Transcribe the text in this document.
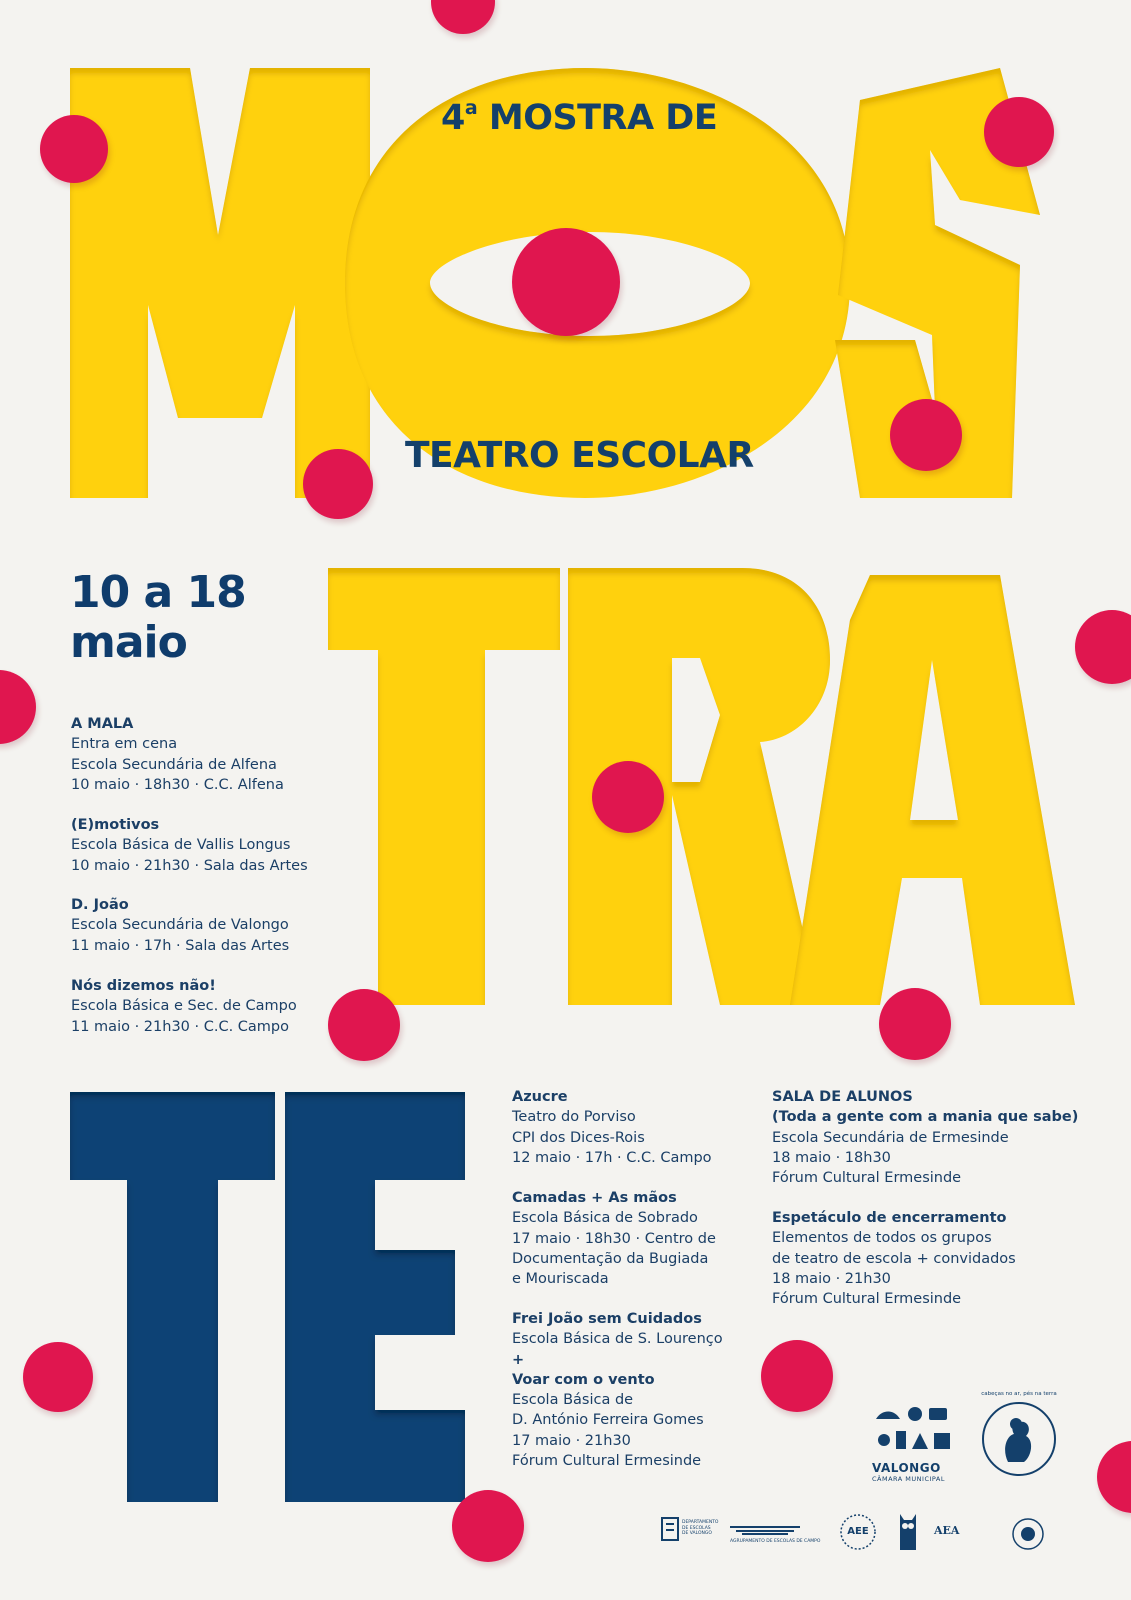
4$^a$ MOSTRA DE
TEATRO ESCOLAR
10 a 18
maio
A MALA
Entra em cena
Escola Secundária de Alfena
10 maio · 18h30 · C.C. Alfena
(E)motivos
Escola Básica de Vallis Longus
10 maio · 21h30 · Sala das Artes
D. João
Escola Secundária de Valongo
11 maio · 17h · Sala das Artes
Nós dizemos não!
Escola Básica e Sec. de Campo
11 maio · 21h30 · C.C. Campo
Azucre
Teatro do Porviso
CPI dos Dices-Rois
12 maio · 17h · C.C. Campo
Camadas + As mãos
Escola Básica de Sobrado
17 maio · 18h30 · Centro de
Documentação da Bugiada
e Mouriscada
Frei João sem Cuidados
Escola Básica de S. Lourenço
+
Voar com o vento
Escola Básica de
D. António Ferreira Gomes
17 maio · 21h30
Fórum Cultural Ermesinde
SALA DE ALUNOS
(Toda a gente com a mania que sabe)
Escola Secundária de Ermesinde
18 maio · 18h30
Fórum Cultural Ermesinde
Espetáculo de encerramento
Elementos de todos os grupos
de teatro de escola + convidados
18 maio · 21h30
Fórum Cultural Ermesinde
VALONGO
CÂMARA MUNICIPAL
cabeças no ar, pés na terra
DEPARTAMENTO DE ESCOLAS DE VALONGO
AGRUPAMENTO DE ESCOLAS DE CAMPO
AEE	AEA
